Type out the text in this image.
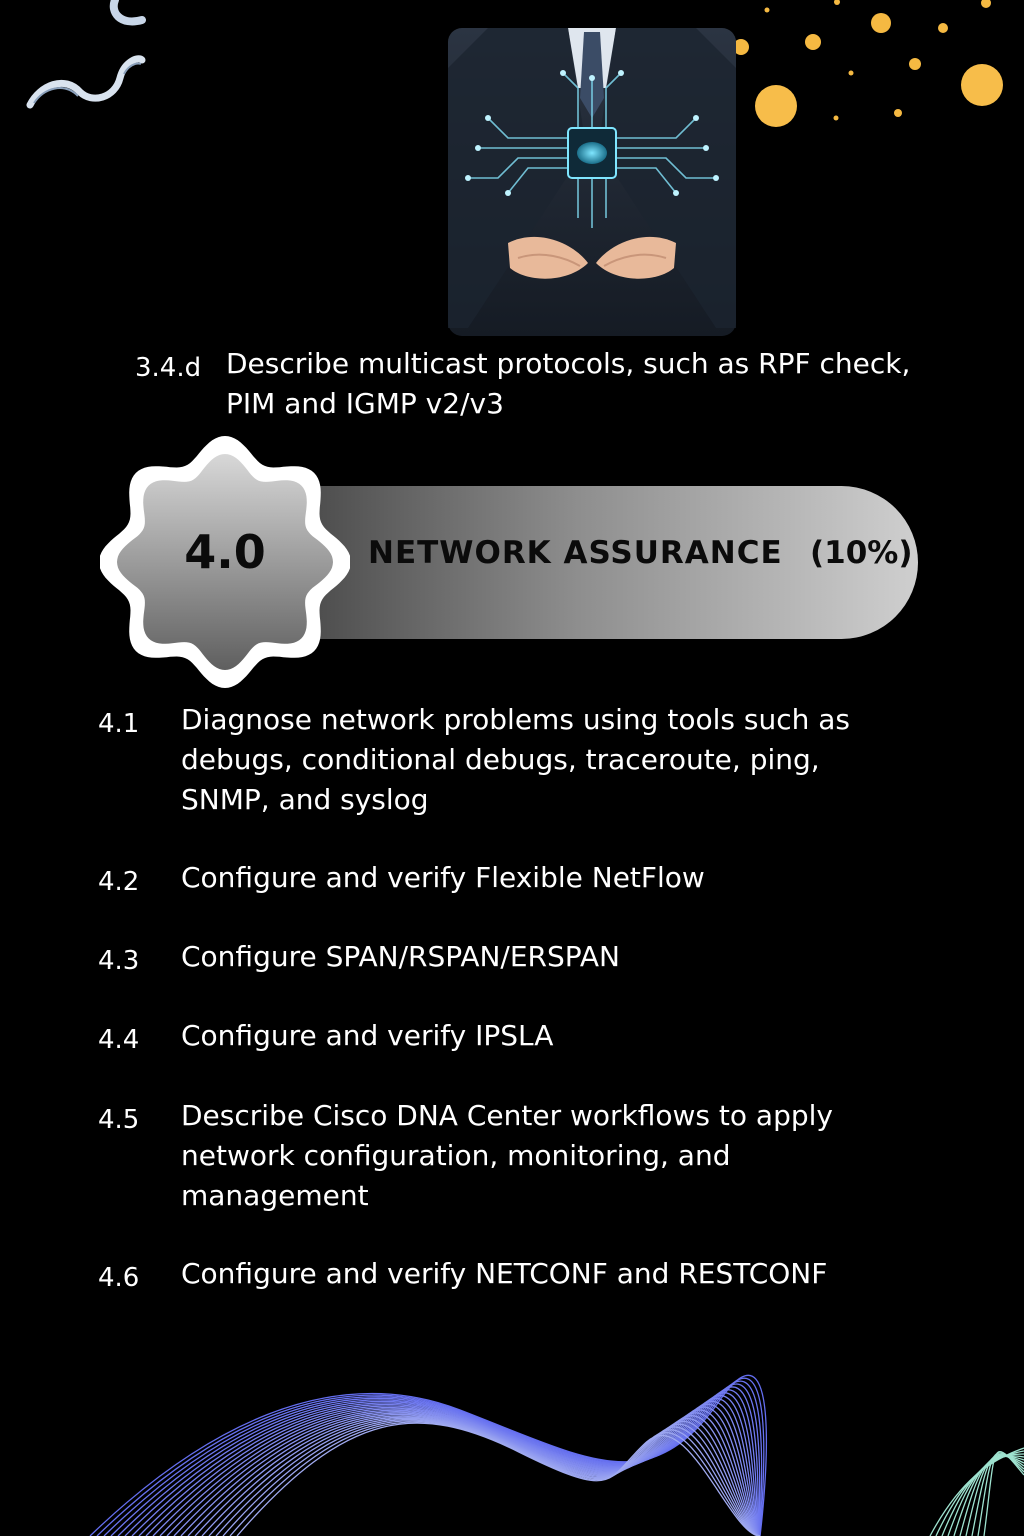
3.4.d Describe multicast protocols, such as RPF check,
PIM and IGMP v2/v3
NETWORK ASSURANCE (10%)
4.0
4.1 Diagnose network problems using tools such as
debugs, conditional debugs, traceroute, ping,
SNMP, and syslog
4.2 Configure and verify Flexible NetFlow
4.3 Configure SPAN/RSPAN/ERSPAN
4.4 Configure and verify IPSLA
4.5 Describe Cisco DNA Center workflows to apply
network configuration, monitoring, and
management
4.6 Configure and verify NETCONF and RESTCONF
